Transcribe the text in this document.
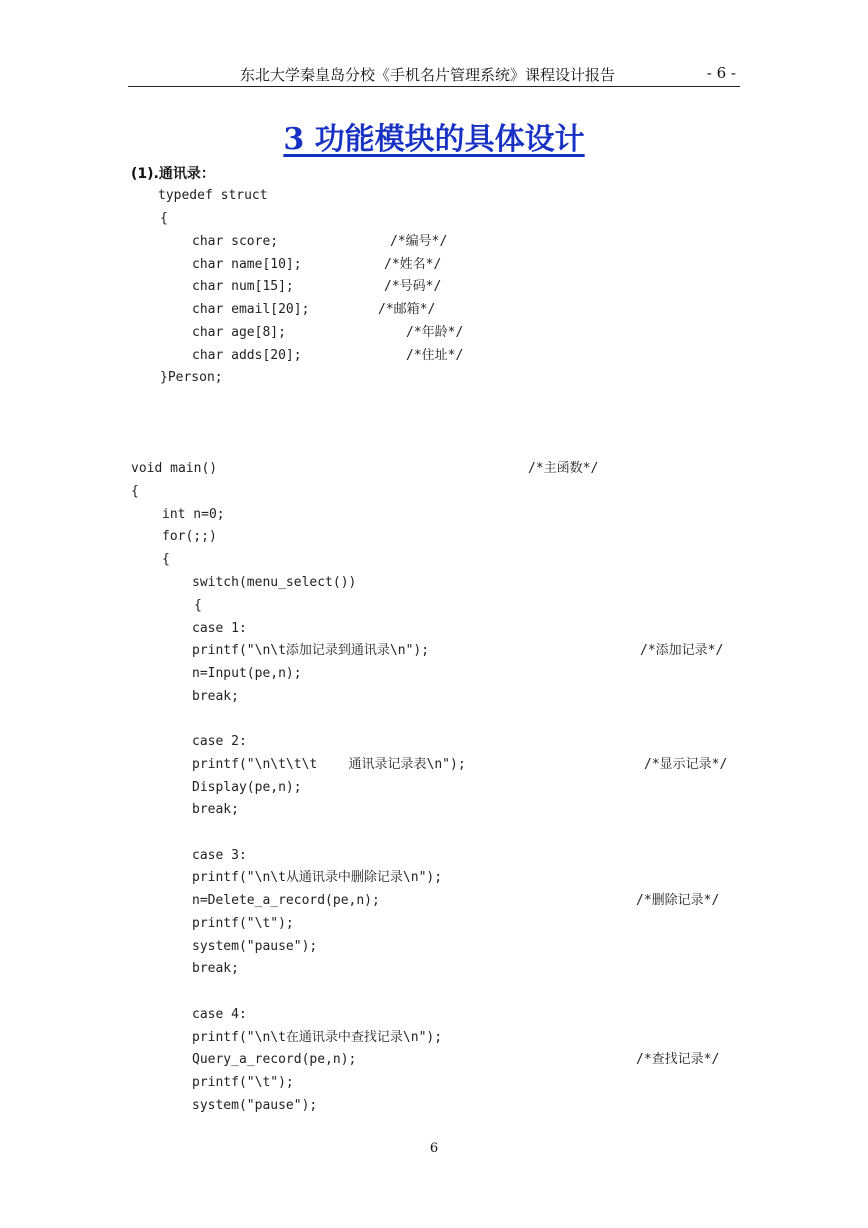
东北大学秦皇岛分校《手机名片管理系统》课程设计报告	- 6 -
3 功能模块的具体设计
(1).通讯录：
typedef struct
{
char score;	/*编号*/
char name[10];	/*姓名*/
char num[15];	/*号码*/
char email[20];	/*邮箱*/
char age[8];	/*年龄*/
char adds[20];	/*住址*/
}Person;
void main()	/*主函数*/
{
int n=0;
for(;;)
{
switch(menu_select())
{
case 1:
printf("\n\t添加记录到通讯录\n");	/*添加记录*/
n=Input(pe,n);
break;
case 2:
printf("\n\t\t\t    通讯录记录表\n");	/*显示记录*/
Display(pe,n);
break;
case 3:
printf("\n\t从通讯录中删除记录\n");
n=Delete_a_record(pe,n);	/*删除记录*/
printf("\t");
system("pause");
break;
case 4:
printf("\n\t在通讯录中查找记录\n");
Query_a_record(pe,n);	/*查找记录*/
printf("\t");
system("pause");
6
